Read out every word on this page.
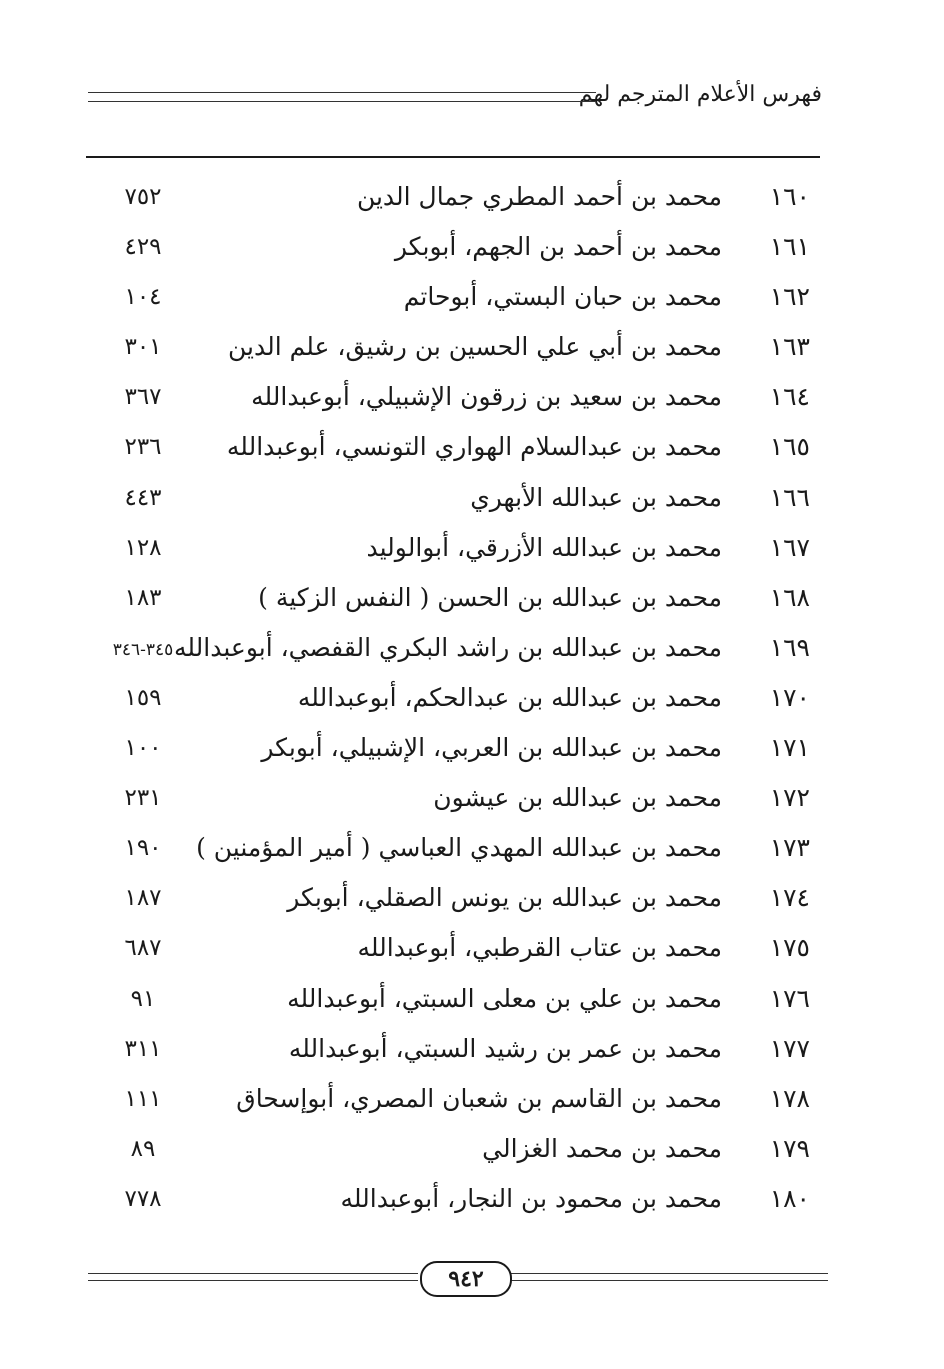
فهرس الأعلام المترجم لهم
١٦٠
محمد بن أحمد المطري جمال الدين
٧٥٢
١٦١
محمد بن أحمد بن الجهم، أبوبكر
٤٢٩
١٦٢
محمد بن حبان البستي، أبوحاتم
١٠٤
١٦٣
محمد بن أبي علي الحسين بن رشيق، علم الدين
٣٠١
١٦٤
محمد بن سعيد بن زرقون الإشبيلي، أبوعبدالله
٣٦٧
١٦٥
محمد بن عبدالسلام الهواري التونسي، أبوعبدالله
٢٣٦
١٦٦
محمد بن عبدالله الأبهري
٤٤٣
١٦٧
محمد بن عبدالله الأزرقي، أبوالوليد
١٢٨
١٦٨
محمد بن عبدالله بن الحسن ( النفس الزكية )
١٨٣
١٦٩
محمد بن عبدالله بن راشد البكري القفصي، أبوعبدالله
٣٤٥-٣٤٦
١٧٠
محمد بن عبدالله بن عبدالحكم، أبوعبدالله
١٥٩
١٧١
محمد بن عبدالله بن العربي، الإشبيلي، أبوبكر
١٠٠
١٧٢
محمد بن عبدالله بن عيشون
٢٣١
١٧٣
محمد بن عبدالله المهدي العباسي ( أمير المؤمنين )
١٩٠
١٧٤
محمد بن عبدالله بن يونس الصقلي، أبوبكر
١٨٧
١٧٥
محمد بن عتاب القرطبي، أبوعبدالله
٦٨٧
١٧٦
محمد بن علي بن معلى السبتي، أبوعبدالله
٩١
١٧٧
محمد بن عمر بن رشيد السبتي، أبوعبدالله
٣١١
١٧٨
محمد بن القاسم بن شعبان المصري، أبوإسحاق
١١١
١٧٩
محمد بن محمد الغزالي
٨٩
١٨٠
محمد بن محمود بن النجار، أبوعبدالله
٧٧٨
٩٤٢
